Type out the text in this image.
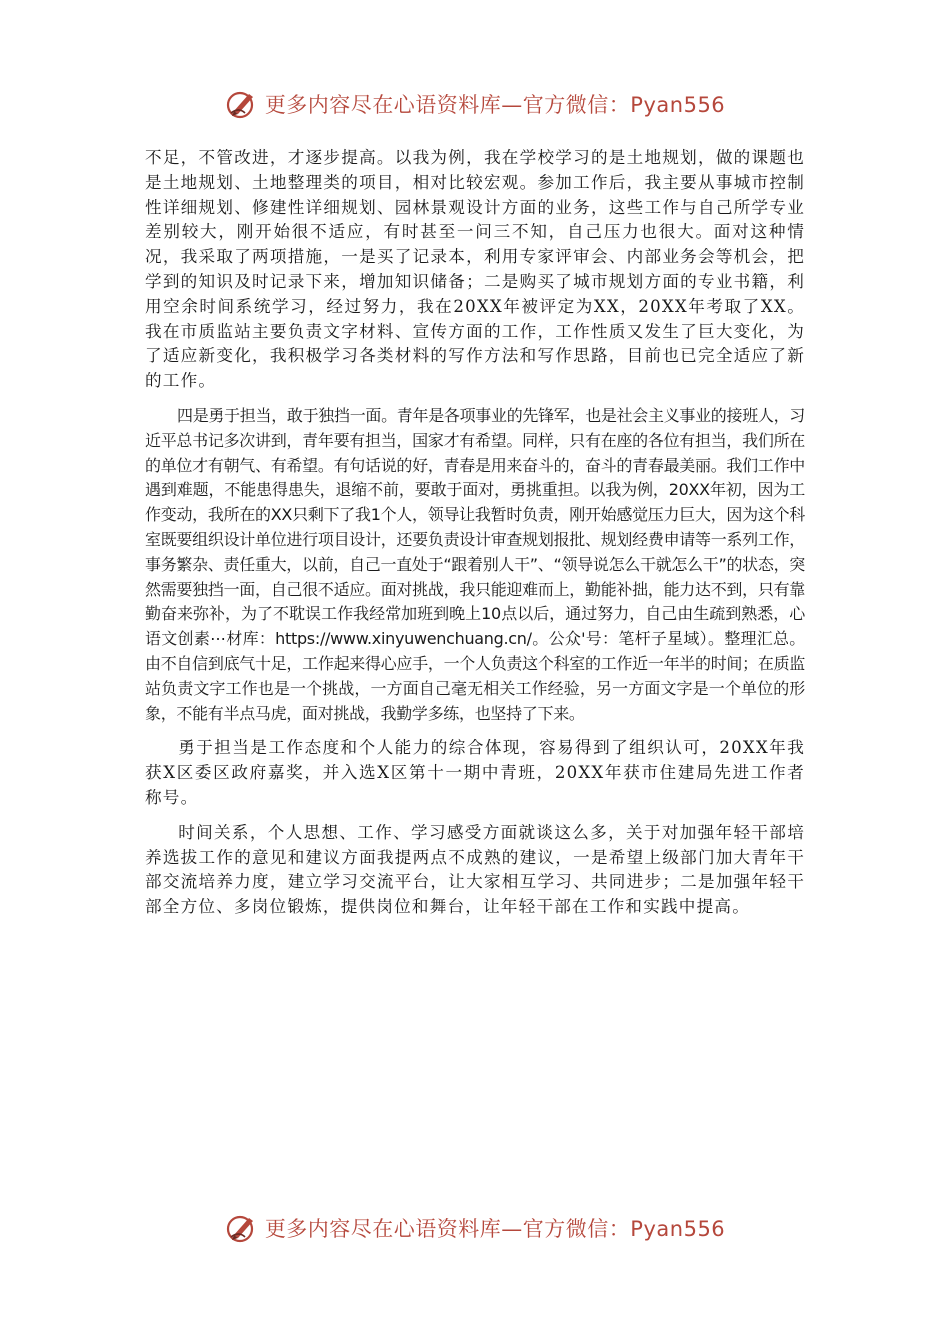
更多内容尽在心语资料库—官方微信：Pyan556

不足，不管改进，才逐步提高。以我为例，我在学校学习的是土地规划，做的课题也是土地规划、土地整理类的项目，相对比较宏观。参加工作后，我主要从事城市控制性详细规划、修建性详细规划、园林景观设计方面的业务，这些工作与自己所学专业差别较大，刚开始很不适应，有时甚至一问三不知，自己压力也很大。面对这种情况，我采取了两项措施，一是买了记录本，利用专家评审会、内部业务会等机会，把学到的知识及时记录下来，增加知识储备；二是购买了城市规划方面的专业书籍，利用空余时间系统学习，经过努力，我在20XX年被评定为XX，20XX年考取了XX。我在市质监站主要负责文字材料、宣传方面的工作，工作性质又发生了巨大变化，为了适应新变化，我积极学习各类材料的写作方法和写作思路，目前也已完全适应了新的工作。

四是勇于担当，敢于独挡一面。青年是各项事业的先锋军，也是社会主义事业的接班人，习近平总书记多次讲到，青年要有担当，国家才有希望。同样，只有在座的各位有担当，我们所在的单位才有朝气、有希望。有句话说的好，青春是用来奋斗的，奋斗的青春最美丽。我们工作中遇到难题，不能患得患失，退缩不前，要敢于面对，勇挑重担。以我为例，20XX年初，因为工作变动，我所在的XX只剩下了我1个人，领导让我暂时负责，刚开始感觉压力巨大，因为这个科室既要组织设计单位进行项目设计，还要负责设计审查规划报批、规划经费申请等一系列工作，事务繁杂、责任重大，以前，自己一直处于“跟着别人干”、“领导说怎么干就怎么干”的状态，突然需要独挡一面，自己很不适应。面对挑战，我只能迎难而上，勤能补拙，能力达不到，只有靠勤奋来弥补，为了不耽误工作我经常加班到晚上10点以后，通过努力，自己由生疏到熟悉，心语文创素⋯材库：https://www.xinyuwenchuang.cn/。公众'号：笔杆子星域）。整理汇总。由不自信到底气十足，工作起来得心应手，一个人负责这个科室的工作近一年半的时间；在质监站负责文字工作也是一个挑战，一方面自己毫无相关工作经验，另一方面文字是一个单位的形象，不能有半点马虎，面对挑战，我勤学多练，也坚持了下来。

勇于担当是工作态度和个人能力的综合体现，容易得到了组织认可，20XX年我获X区委区政府嘉奖，并入选X区第十一期中青班，20XX年获市住建局先进工作者称号。

时间关系，个人思想、工作、学习感受方面就谈这么多，关于对加强年轻干部培养选拔工作的意见和建议方面我提两点不成熟的建议，一是希望上级部门加大青年干部交流培养力度，建立学习交流平台，让大家相互学习、共同进步；二是加强年轻干部全方位、多岗位锻炼，提供岗位和舞台，让年轻干部在工作和实践中提高。

更多内容尽在心语资料库—官方微信：Pyan556
